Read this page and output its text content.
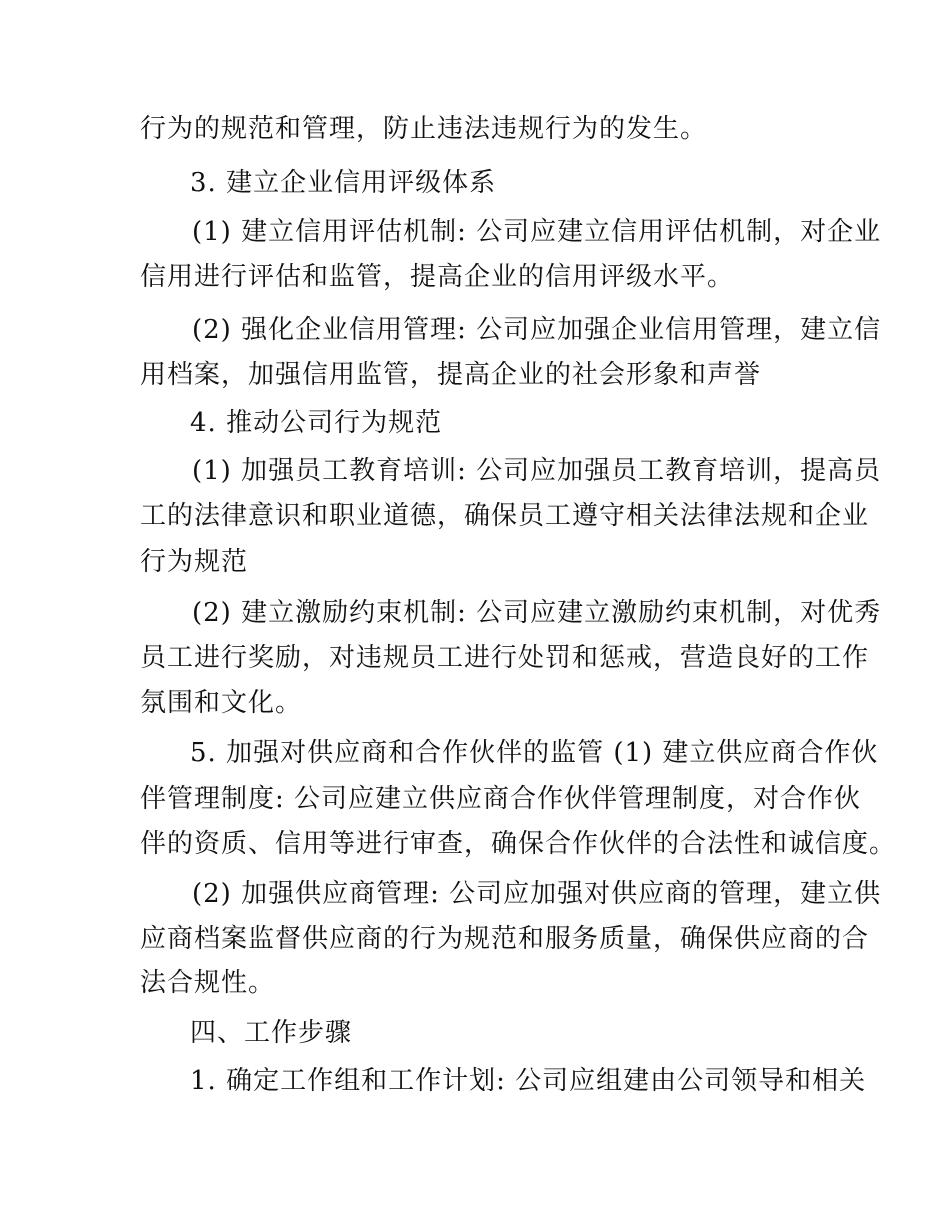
行为的规范和管理，防止违法违规行为的发生。
3. 建立企业信用评级体系
(1) 建立信用评估机制: 公司应建立信用评估机制，对企业
信用进行评估和监管，提高企业的信用评级水平。
(2) 强化企业信用管理: 公司应加强企业信用管理，建立信
用档案，加强信用监管，提高企业的社会形象和声誉
4. 推动公司行为规范
(1) 加强员工教育培训: 公司应加强员工教育培训，提高员
工的法律意识和职业道德，确保员工遵守相关法律法规和企业
行为规范
(2) 建立激励约束机制: 公司应建立激励约束机制，对优秀
员工进行奖励，对违规员工进行处罚和惩戒，营造良好的工作
氛围和文化。
5. 加强对供应商和合作伙伴的监管 (1) 建立供应商合作伙
伴管理制度: 公司应建立供应商合作伙伴管理制度，对合作伙
伴的资质、信用等进行审查，确保合作伙伴的合法性和诚信度。
(2) 加强供应商管理: 公司应加强对供应商的管理，建立供
应商档案监督供应商的行为规范和服务质量，确保供应商的合
法合规性。
四、工作步骤
1. 确定工作组和工作计划: 公司应组建由公司领导和相关
